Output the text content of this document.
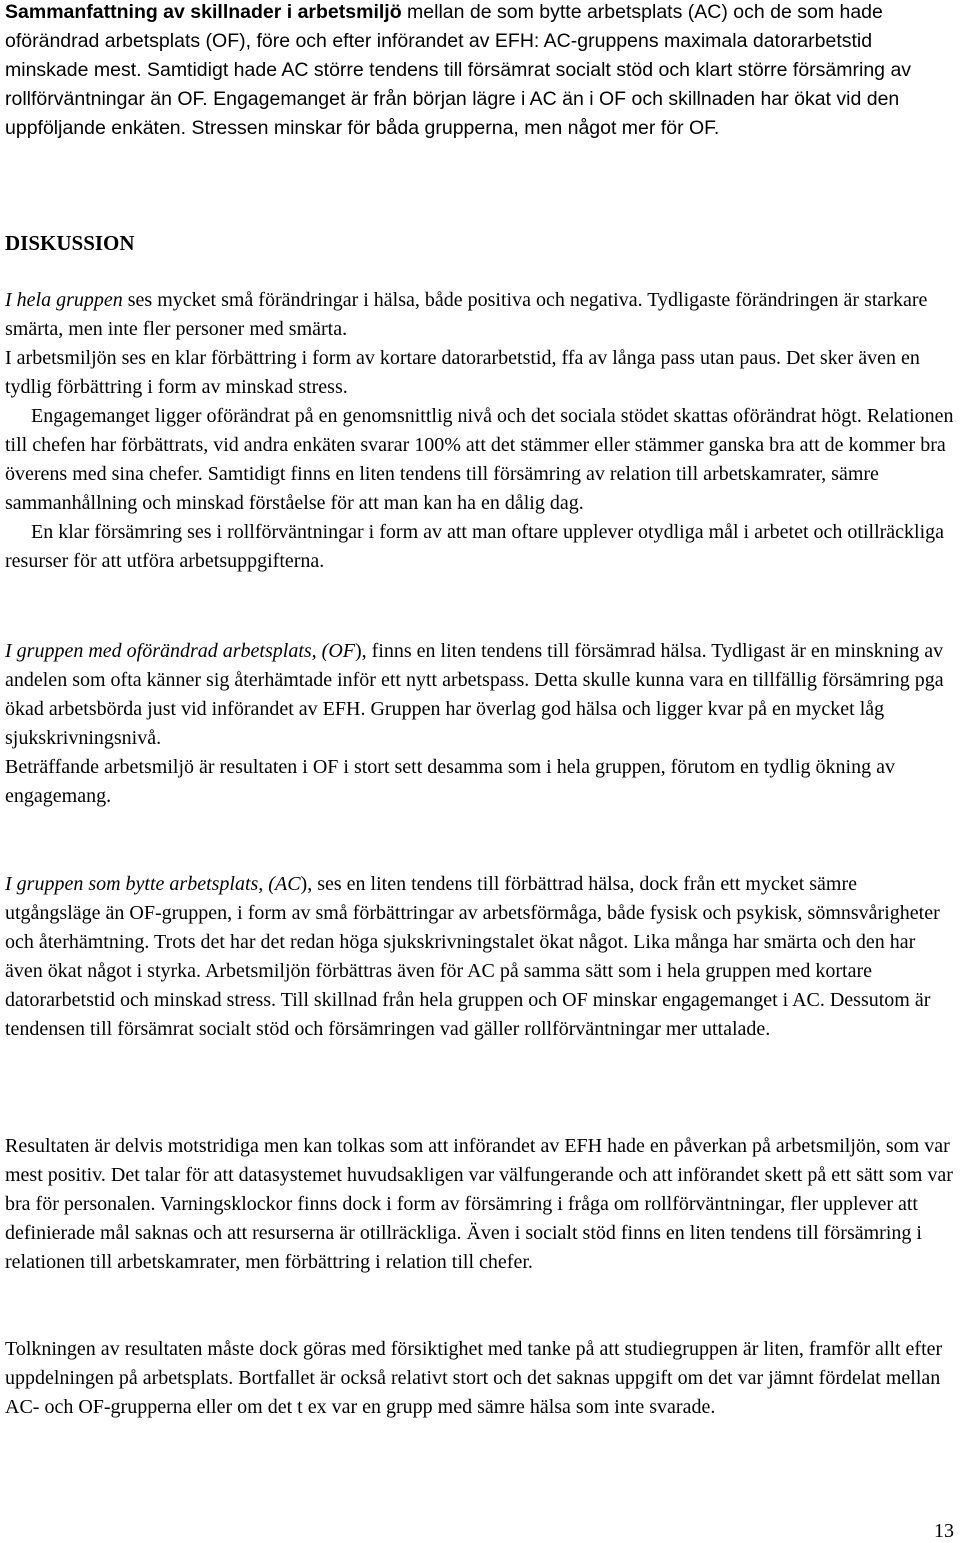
Sammanfattning av skillnader i arbetsmiljö mellan de som bytte arbetsplats (AC) och de som hade oförändrad arbetsplats (OF), före och efter införandet av EFH: AC-gruppens maximala datorarbetstid minskade mest. Samtidigt hade AC större tendens till försämrat socialt stöd och klart större försämring av rollförväntningar än OF. Engagemanget är från början lägre i AC än i OF och skillnaden har ökat vid den uppföljande enkäten. Stressen minskar för båda grupperna, men något mer för OF.

DISKUSSION

I hela gruppen ses mycket små förändringar i hälsa, både positiva och negativa. Tydligaste förändringen är starkare smärta, men inte fler personer med smärta.

I arbetsmiljön ses en klar förbättring i form av kortare datorarbetstid, ffa av långa pass utan paus. Det sker även en tydlig förbättring i form av minskad stress.

Engagemanget ligger oförändrat på en genomsnittlig nivå och det sociala stödet skattas oförändrat högt. Relationen till chefen har förbättrats, vid andra enkäten svarar 100% att det stämmer eller stämmer ganska bra att de kommer bra överens med sina chefer. Samtidigt finns en liten tendens till försämring av relation till arbetskamrater, sämre sammanhållning och minskad förståelse för att man kan ha en dålig dag.

En klar försämring ses i rollförväntningar i form av att man oftare upplever otydliga mål i arbetet och otillräckliga resurser för att utföra arbetsuppgifterna.

I gruppen med oförändrad arbetsplats, (OF), finns en liten tendens till försämrad hälsa. Tydligast är en minskning av andelen som ofta känner sig återhämtade inför ett nytt arbetspass. Detta skulle kunna vara en tillfällig försämring pga ökad arbetsbörda just vid införandet av EFH. Gruppen har överlag god hälsa och ligger kvar på en mycket låg sjukskrivningsnivå.

Beträffande arbetsmiljö är resultaten i OF i stort sett desamma som i hela gruppen, förutom en tydlig ökning av engagemang.

I gruppen som bytte arbetsplats, (AC), ses en liten tendens till förbättrad hälsa, dock från ett mycket sämre utgångsläge än OF-gruppen, i form av små förbättringar av arbetsförmåga, både fysisk och psykisk, sömnsvårigheter och återhämtning. Trots det har det redan höga sjukskrivningstalet ökat något. Lika många har smärta och den har även ökat något i styrka. Arbetsmiljön förbättras även för AC på samma sätt som i hela gruppen med kortare datorarbetstid och minskad stress. Till skillnad från hela gruppen och OF minskar engagemanget i AC. Dessutom är tendensen till försämrat socialt stöd och försämringen vad gäller rollförväntningar mer uttalade.

Resultaten är delvis motstridiga men kan tolkas som att införandet av EFH hade en påverkan på arbetsmiljön, som var mest positiv. Det talar för att datasystemet huvudsakligen var välfungerande och att införandet skett på ett sätt som var bra för personalen. Varningsklockor finns dock i form av försämring i fråga om rollförväntningar, fler upplever att definierade mål saknas och att resurserna är otillräckliga. Även i socialt stöd finns en liten tendens till försämring i relationen till arbetskamrater, men förbättring i relation till chefer.

Tolkningen av resultaten måste dock göras med försiktighet med tanke på att studiegruppen är liten, framför allt efter uppdelningen på arbetsplats. Bortfallet är också relativt stort och det saknas uppgift om det var jämnt fördelat mellan AC- och OF-grupperna eller om det t ex var en grupp med sämre hälsa som inte svarade.

13
